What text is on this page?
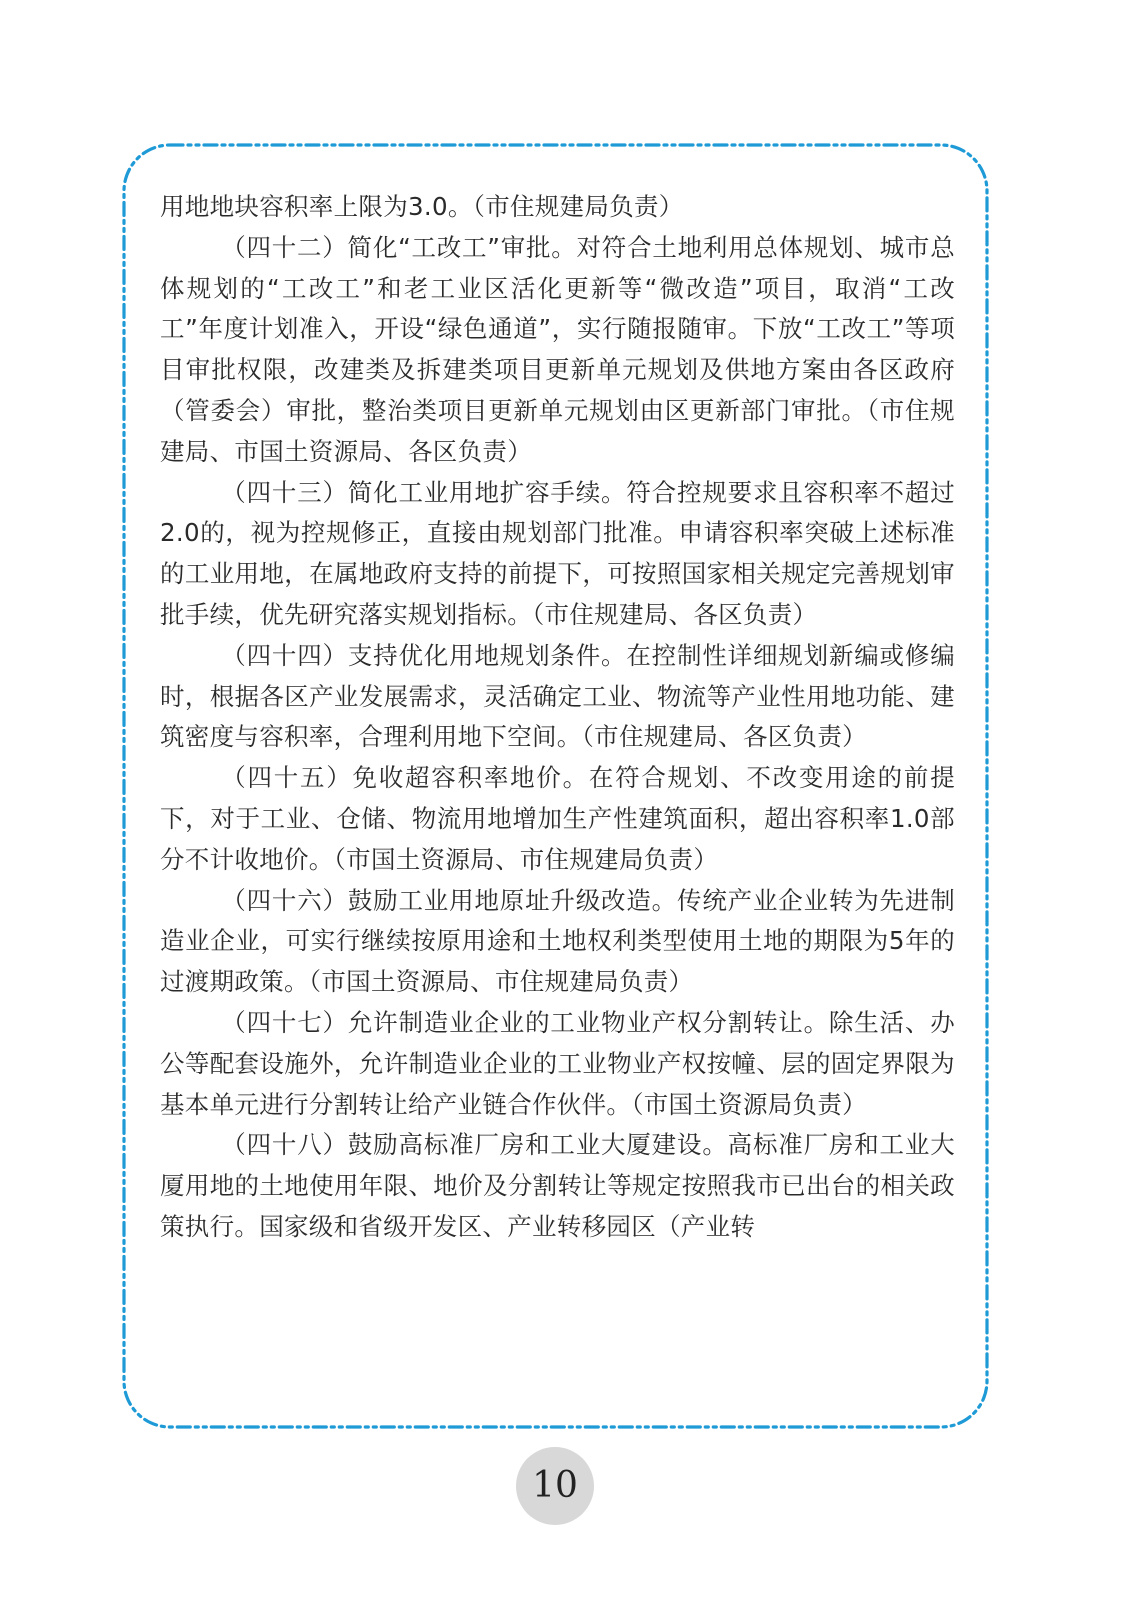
用地地块容积率上限为3.0。（市住规建局负责）

（四十二）简化“工改工”审批。对符合土地利用总体规划、城市总体规划的“工改工”和老工业区活化更新等“微改造”项目，取消“工改工”年度计划准入，开设“绿色通道”，实行随报随审。下放“工改工”等项目审批权限，改建类及拆建类项目更新单元规划及供地方案由各区政府（管委会）审批，整治类项目更新单元规划由区更新部门审批。（市住规建局、市国土资源局、各区负责）

（四十三）简化工业用地扩容手续。符合控规要求且容积率不超过2.0的，视为控规修正，直接由规划部门批准。申请容积率突破上述标准的工业用地，在属地政府支持的前提下，可按照国家相关规定完善规划审批手续，优先研究落实规划指标。（市住规建局、各区负责）

（四十四）支持优化用地规划条件。在控制性详细规划新编或修编时，根据各区产业发展需求，灵活确定工业、物流等产业性用地功能、建筑密度与容积率，合理利用地下空间。（市住规建局、各区负责）

（四十五）免收超容积率地价。在符合规划、不改变用途的前提下，对于工业、仓储、物流用地增加生产性建筑面积，超出容积率1.0部分不计收地价。（市国土资源局、市住规建局负责）

（四十六）鼓励工业用地原址升级改造。传统产业企业转为先进制造业企业，可实行继续按原用途和土地权利类型使用土地的期限为5年的过渡期政策。（市国土资源局、市住规建局负责）

（四十七）允许制造业企业的工业物业产权分割转让。除生活、办公等配套设施外，允许制造业企业的工业物业产权按幢、层的固定界限为基本单元进行分割转让给产业链合作伙伴。（市国土资源局负责）

（四十八）鼓励高标准厂房和工业大厦建设。高标准厂房和工业大厦用地的土地使用年限、地价及分割转让等规定按照我市已出台的相关政策执行。国家级和省级开发区、产业转移园区（产业转

10
